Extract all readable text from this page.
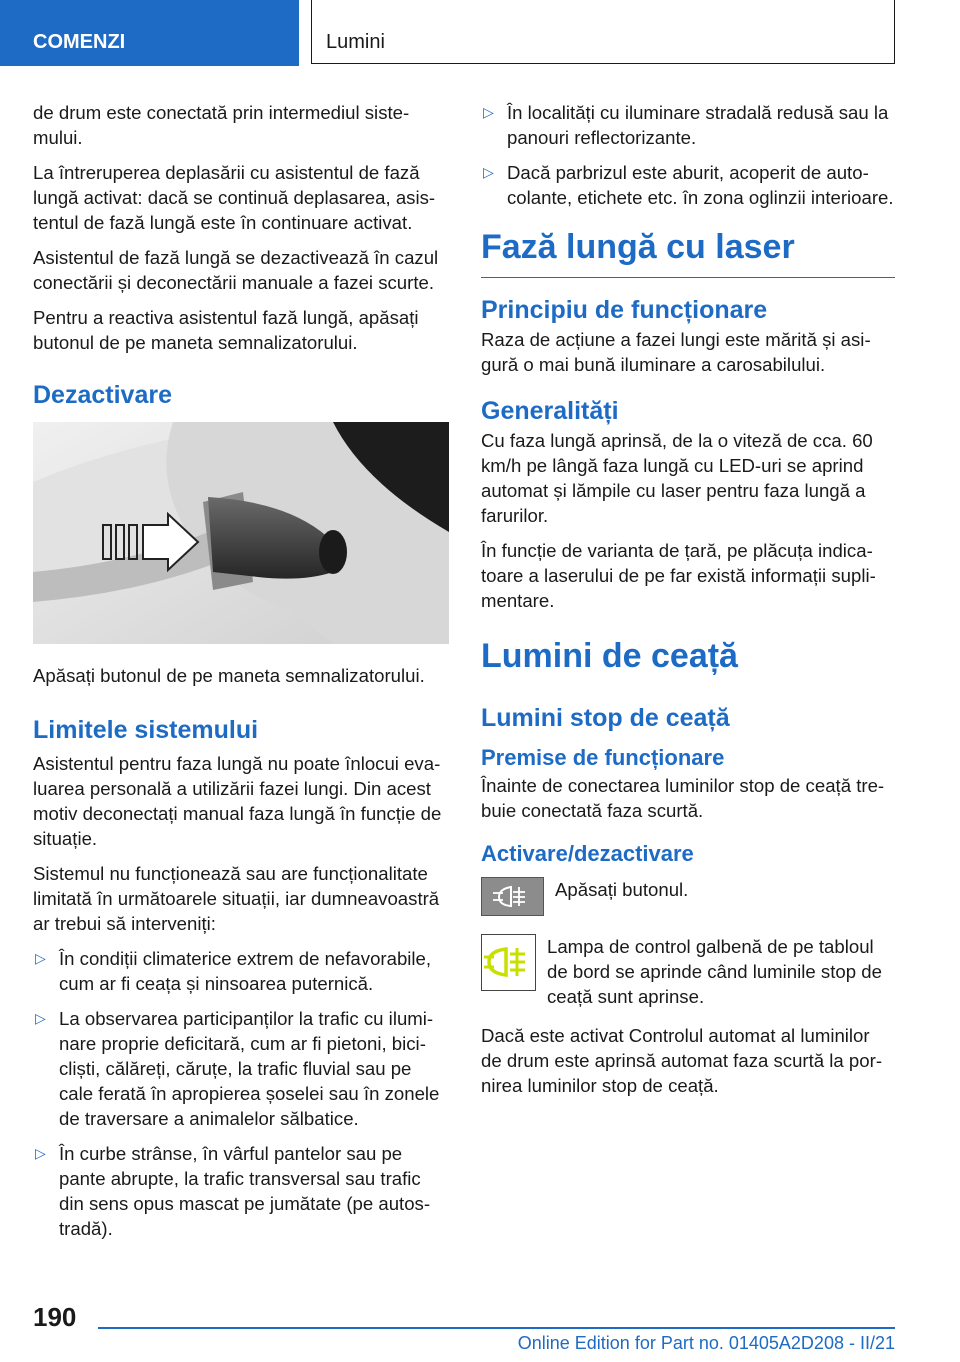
COMENZI	Lumini

de drum este conectată prin intermediul sistemului.

La întreruperea deplasării cu asistentul de fază lungă activat: dacă se continuă deplasarea, asistentul de fază lungă este în continuare activat.

Asistentul de fază lungă se dezactivează în cazul conectării și deconectării manuale a fazei scurte.

Pentru a reactiva asistentul fază lungă, apăsați butonul de pe maneta semnalizatorului.

Dezactivare

Apăsați butonul de pe maneta semnalizatorului.

Limitele sistemului

Asistentul pentru faza lungă nu poate înlocui evaluarea personală a utilizării fazei lungi. Din acest motiv deconectați manual faza lungă în funcție de situație.

Sistemul nu funcționează sau are funcționalitate limitată în următoarele situații, iar dumneavoastră ar trebui să interveniți:

▷ În condiții climaterice extrem de nefavorabile, cum ar fi ceața și ninsoarea puternică.
▷ La observarea participanților la trafic cu iluminare proprie deficitară, cum ar fi pietoni, bicicliști, călăreți, căruțe, la trafic fluvial sau pe cale ferată în apropierea șoselei sau în zonele de traversare a animalelor sălbatice.
▷ În curbe strânse, în vârful pantelor sau pe pante abrupte, la trafic transversal sau trafic din sens opus mascat pe jumătate (pe autostradă).
▷ În localități cu iluminare stradală redusă sau la panouri reflectorizante.
▷ Dacă parbrizul este aburit, acoperit de autocolante, etichete etc. în zona oglinzii interioare.
Fază lungă cu laser
Principiu de funcționare

Raza de acțiune a fazei lungi este mărită și asigură o mai bună iluminare a carosabilului.

Generalități

Cu faza lungă aprinsă, de la o viteză de cca. 60 km/h pe lângă faza lungă cu LED-uri se aprind automat și lămpile cu laser pentru faza lungă a farurilor.

În funcție de varianta de țară, pe plăcuța indicatoare a laserului de pe far există informații suplimentare.

Lumini de ceață
Lumini stop de ceață
Premise de funcționare

Înainte de conectarea luminilor stop de ceață trebuie conectată faza scurtă.

Activare/dezactivare

Apăsați butonul.

Lampa de control galbenă de pe tabloul de bord se aprinde când luminile stop de ceață sunt aprinse.

Dacă este activat Controlul automat al luminilor de drum este aprinsă automat faza scurtă la pornirea luminilor stop de ceață.

190
Online Edition for Part no. 01405A2D208 - II/21
